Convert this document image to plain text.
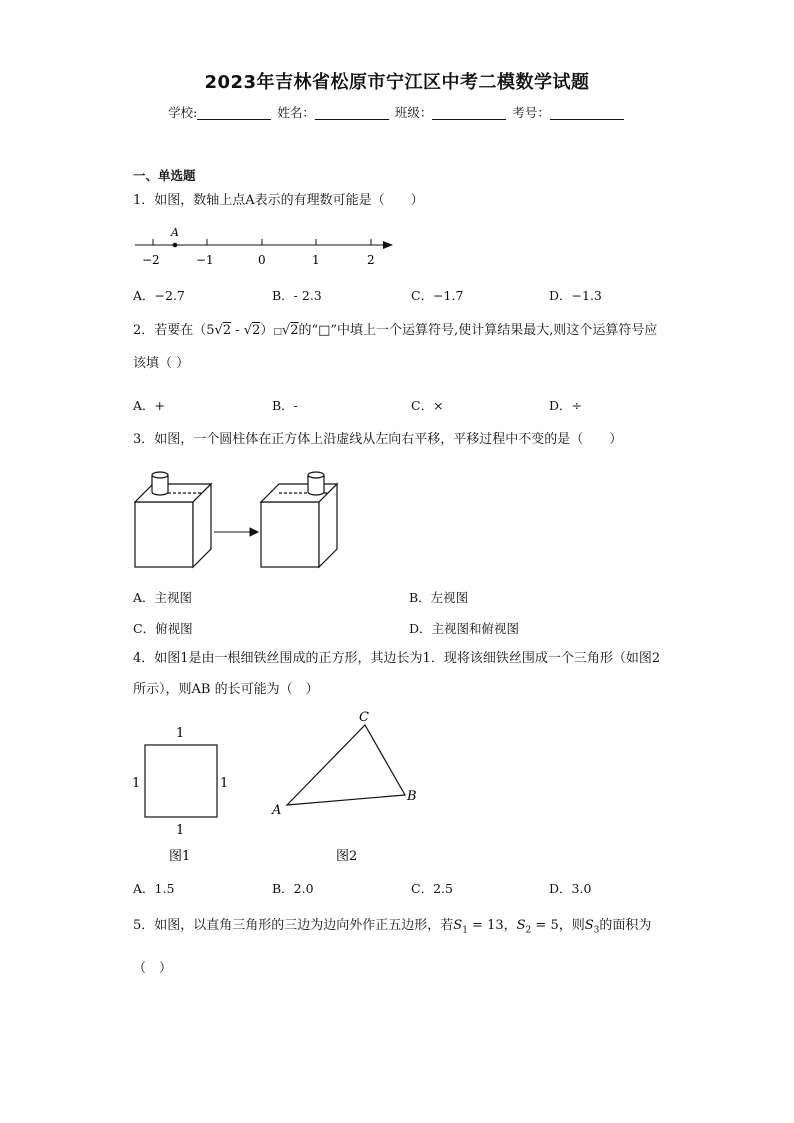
2023年吉林省松原市宁江区中考二模数学试题
学校:	姓名：	班级：	考号：
一、单选题
1．如图，数轴上点A表示的有理数可能是（　　）
A
−2	−1	0	1	2
A．−2.7	B．- 2.3	C．−1.7	D．−1.3
2．若要在（5√2 - √2）□√2的“□”中填上一个运算符号,使计算结果最大,则这个运算符号应该填（ ）
A．+	B．-	C．×	D．÷
3．如图，一个圆柱体在正方体上沿虚线从左向右平移，平移过程中不变的是（　　）
A．主视图	B．左视图
C．俯视图	D．主视图和俯视图
4．如图1是由一根细铁丝围成的正方形，其边长为1．现将该细铁丝围成一个三角形（如图2所示），则AB 的长可能为（　）
1
1	1
1
图1
A
B
C
图2
A．1.5	B．2.0	C．2.5	D．3.0
5．如图，以直角三角形的三边为边向外作正五边形，若$S_1 = 13$，$S_2 = 5$，则$S_3$的面积为（　）
